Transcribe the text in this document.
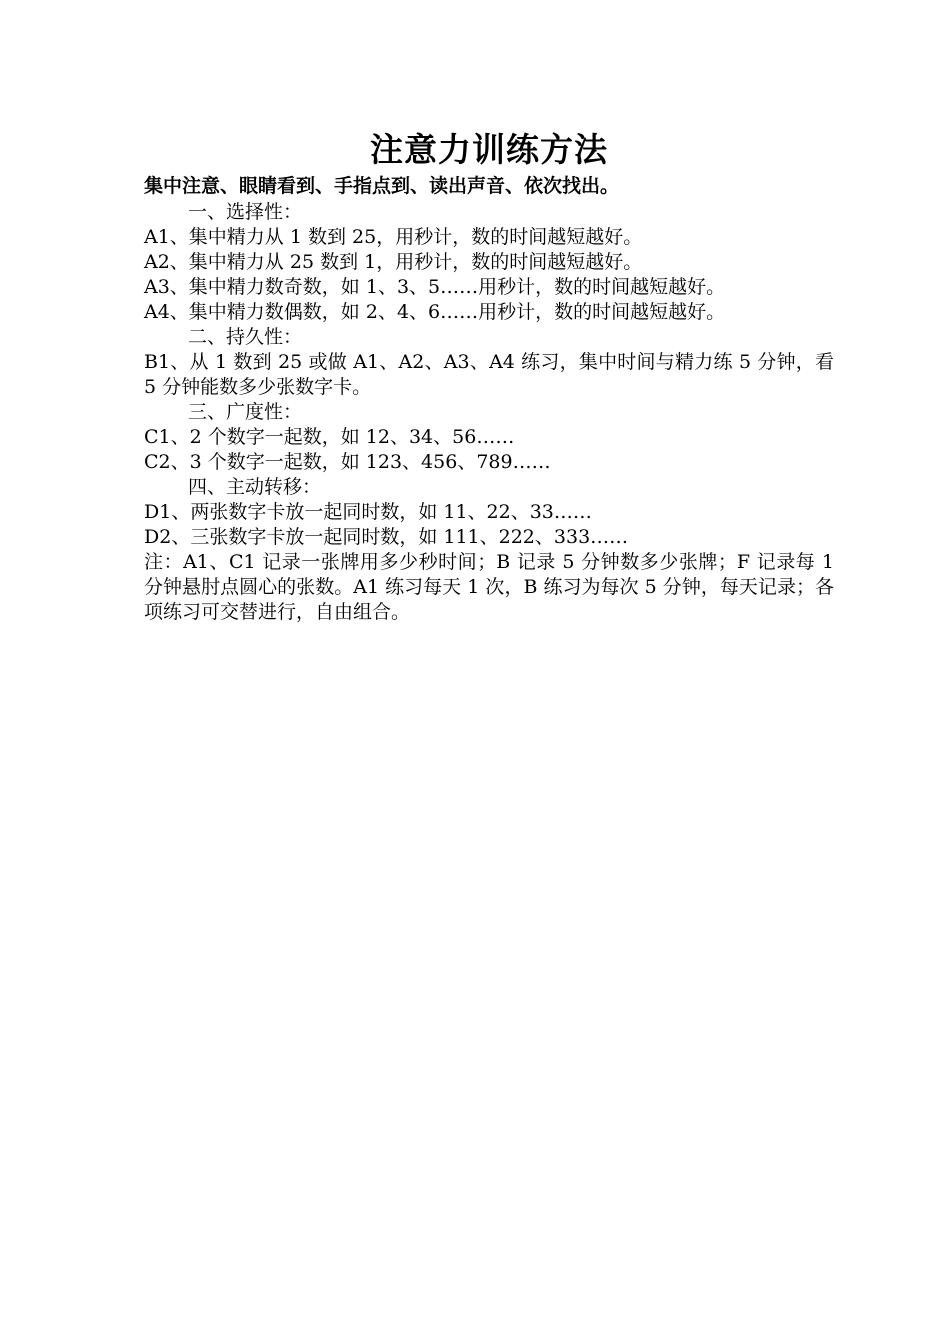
注意力训练方法

集中注意、眼睛看到、手指点到、读出声音、依次找出。

一、选择性：

A1、集中精力从 1 数到 25，用秒计，数的时间越短越好。

A2、集中精力从 25 数到 1，用秒计，数的时间越短越好。

A3、集中精力数奇数，如 1、3、5……用秒计，数的时间越短越好。

A4、集中精力数偶数，如 2、4、6……用秒计，数的时间越短越好。

二、持久性：

B1、从 1 数到 25 或做 A1、A2、A3、A4 练习，集中时间与精力练 5 分钟，看 5 分钟能数多少张数字卡。

三、广度性：

C1、2 个数字一起数，如 12、34、56……

C2、3 个数字一起数，如 123、456、789……

四、主动转移：

D1、两张数字卡放一起同时数，如 11、22、33……

D2、三张数字卡放一起同时数，如 111、222、333……

注：A1、C1 记录一张牌用多少秒时间；B 记录 5 分钟数多少张牌；F 记录每 1 分钟悬肘点圆心的张数。A1 练习每天 1 次，B 练习为每次 5 分钟，每天记录；各项练习可交替进行，自由组合。
